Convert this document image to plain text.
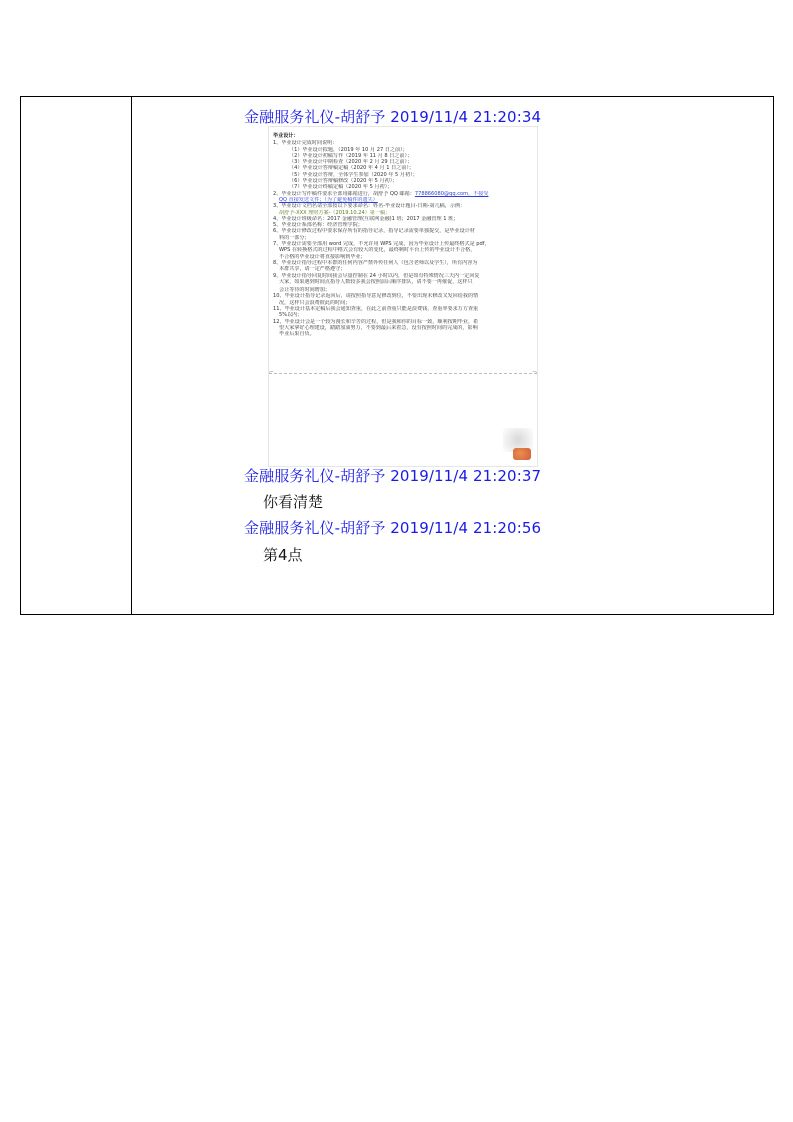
金融服务礼仪-胡舒予 2019/11/4 21:20:34
毕业设计：
1、毕业设计完成时间说明：
（1）毕业设计拟题，（2019 年 10 月 27 日之前）；
（2）毕业设计初稿写作（2019 年 11 月 8 日之前）；
（3）毕业设计中期检查（2020 年 2 月 29 日之前）；
（4）毕业设计答辩稿定稿（2020 年 4 月 1 日之前）；
（5）毕业设计答辩，全体学生参加（2020 年 5 月初）；
（6）毕业设计答辩稿修改（2020 年 5 月初）；
（7）毕业设计终稿定稿（2020 年 5 月初）；
2、毕业设计写作稿件要求全部用邮箱进行，胡舒予 QQ 邮箱：778866080@qq.com，不接受
QQ 直接发送文件；（为了避免稿件的遗失）
3、毕业设计文档名请全部按以下要求命名：姓名-毕业设计题目-日期-第几稿，示例：
胡舒予-XXX 理财方案-（2019.10.24）第一稿；
4、毕业设计班级命名：2017 金融管理(互联网金融)1 班；2017 金融管理 1 班；
5、毕业设计系部名称：经济管理学院；
6、毕业设计修改过程中要求保存所有的指导记录，指导记录需要单独提交，是毕业设计材
料的一部分；
7、毕业设计需要全部用 word 完成，不允许用 WPS 完成，因为毕业设计上传最终格式是 pdf，
WPS 在转换格式的过程中格式会有较大的变化，最终剩时平台上传的毕业设计不合格，
不合格的毕业设计将直接影响到毕业；
8、毕业设计指导过程中本群的任何内容严禁外传任何人（包含老师以及学生），所有内容为
本群共享，请一定严格遵守；
9、毕业设计指导回复时间我会尽量控制在 24 小时以内，但是如有特殊情况三天内一定回复
大家，如果遇到时间点指导人数较多我会按照前后顺序排队，请不要一再催促，这样只
会让等待的时间增加；
10、毕业设计指导记录返回后，请按照指导意见修改到位，不要出现未修改又发回给我的情
况，这样只会浪费彼此的时间；
11、毕业设计基本定稿后我会通知查重，在此之前查重只能是浪费钱，查重率要求万方查重
5%以内；
12、毕业设计会是一个较为漫长和辛苦的过程，但是我和你的目标一致，顺利按期毕业，希
望大家拿好心理建设，踏踏加油努力，不要到最后来着急，没有按照时间的完成的，影响
毕业后果自负。
⌐	¬
金融服务礼仪-胡舒予 2019/11/4 21:20:37
你看清楚
金融服务礼仪-胡舒予 2019/11/4 21:20:56
第4点
